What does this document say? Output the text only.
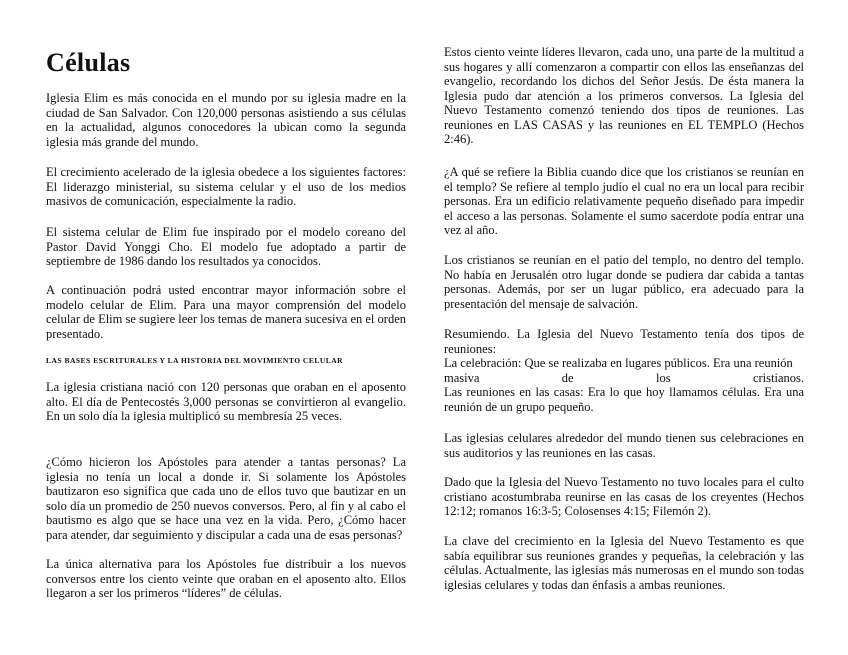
Células

Iglesia Elim es más conocida en el mundo por su iglesia madre en la ciudad de San Salvador. Con 120,000 personas asistiendo a sus células en la actualidad, algunos conocedores la ubican como la segunda iglesia más grande del mundo.

El crecimiento acelerado de la iglesia obedece a los siguientes factores: El liderazgo ministerial, su sistema celular y el uso de los medios masivos de comunicación, especialmente la radio.

El sistema celular de Elim fue inspirado por el modelo coreano del Pastor David Yonggi Cho. El modelo fue adoptado a partir de septiembre de 1986 dando los resultados ya conocidos.

A continuación podrá usted encontrar mayor información sobre el modelo celular de Elim. Para una mayor comprensión del modelo celular de Elim se sugiere leer los temas de manera sucesiva en el orden presentado.

LAS BASES ESCRITURALES Y LA HISTORIA DEL MOVIMIENTO CELULAR

La iglesia cristiana nació con 120 personas que oraban en el aposento alto. El día de Pentecostés 3,000 personas se convirtieron al evangelio. En un solo día la iglesia multiplicó su membresía 25 veces.

¿Cómo hicieron los Apóstoles para atender a tantas personas? La iglesia no tenía un local a donde ir. Si solamente los Apóstoles bautizaron eso significa que cada uno de ellos tuvo que bautizar en un solo día un promedio de 250 nuevos conversos. Pero, al fin y al cabo el bautismo es algo que se hace una vez en la vida. Pero, ¿Cómo hacer para atender, dar seguimiento y discipular a cada una de esas personas?

La única alternativa para los Apóstoles fue distribuir a los nuevos conversos entre los ciento veinte que oraban en el aposento alto. Ellos llegaron a ser los primeros “líderes” de células.

Estos ciento veinte líderes llevaron, cada uno, una parte de la multitud a sus hogares y allí comenzaron a compartir con ellos las enseñanzas del evangelio, recordando los dichos del Señor Jesús. De ésta manera la Iglesia pudo dar atención a los primeros conversos. La Iglesia del Nuevo Testamento comenzó teniendo dos tipos de reuniones. Las reuniones en LAS CASAS y las reuniones en EL TEMPLO (Hechos 2:46).

¿A qué se refiere la Biblia cuando dice que los cristianos se reunían en el templo? Se refiere al templo judío el cual no era un local para recibir personas. Era un edificio relativamente pequeño diseñado para impedir el acceso a las personas. Solamente el sumo sacerdote podía entrar una vez al año.

Los cristianos se reunían en el patio del templo, no dentro del templo. No había en Jerusalén otro lugar donde se pudiera dar cabida a tantas personas. Además, por ser un lugar público, era adecuado para la presentación del mensaje de salvación.

Resumiendo. La Iglesia del Nuevo Testamento tenía dos tipos de reuniones:
La celebración: Que se realizaba en lugares públicos. Era una reunión
masiva	de	los	cristianos.
Las reuniones en las casas: Era lo que hoy llamamos células. Era una reunión de un grupo pequeño.

Las iglesias celulares alrededor del mundo tienen sus celebraciones en sus auditorios y las reuniones en las casas.

Dado que la Iglesia del Nuevo Testamento no tuvo locales para el culto cristiano acostumbraba reunirse en las casas de los creyentes (Hechos 12:12; romanos 16:3-5; Colosenses 4:15; Filemón 2).

La clave del crecimiento en la Iglesia del Nuevo Testamento es que sabía equilibrar sus reuniones grandes y pequeñas, la celebración y las células. Actualmente, las iglesias más numerosas en el mundo son todas iglesias celulares y todas dan énfasis a ambas reuniones.
